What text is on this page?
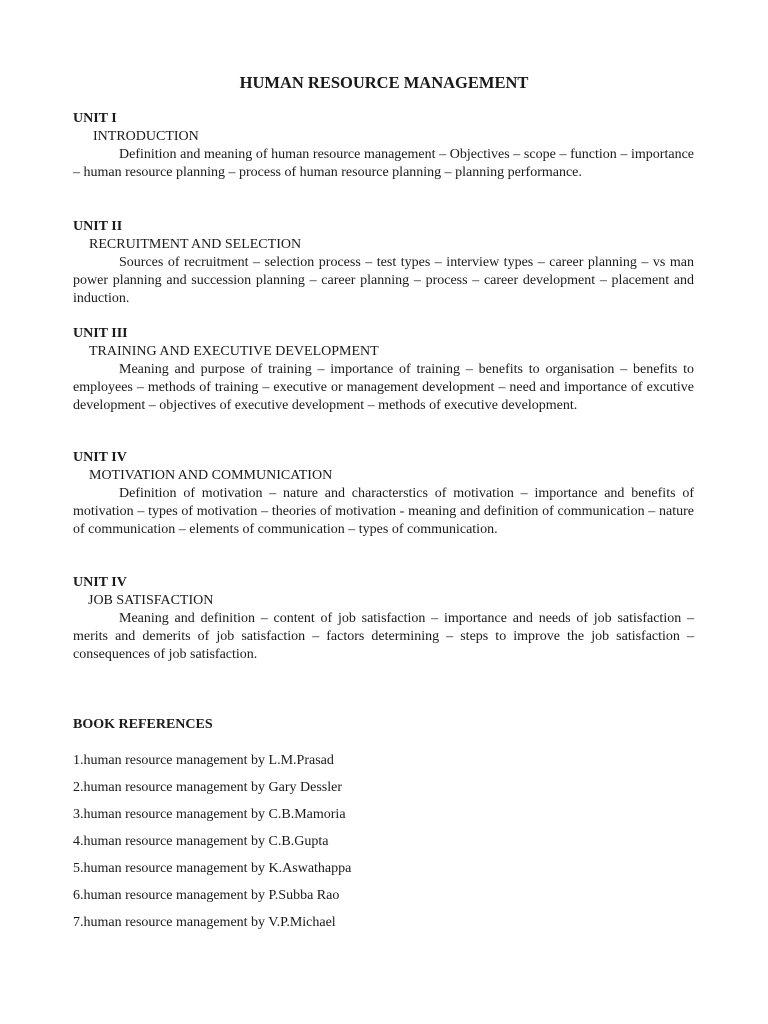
HUMAN RESOURCE MANAGEMENT
UNIT I
INTRODUCTION

Definition and meaning of human resource management – Objectives – scope – function – importance – human resource planning – process of human resource planning – planning performance.

UNIT II
RECRUITMENT AND SELECTION

Sources of recruitment – selection process – test types – interview types – career planning – vs man power planning and succession planning – career planning – process – career development – placement and induction.

UNIT III
TRAINING AND EXECUTIVE DEVELOPMENT

Meaning and purpose of training – importance of training – benefits to organisation – benefits to employees – methods of training – executive or management development – need and importance of excutive development – objectives of executive development – methods of executive development.

UNIT IV
MOTIVATION AND COMMUNICATION

Definition of motivation – nature and characterstics of motivation – importance and benefits of motivation – types of motivation – theories of motivation - meaning and definition of communication – nature of communication – elements of communication – types of communication.

UNIT IV
JOB SATISFACTION

Meaning and definition – content of job satisfaction – importance and needs of job satisfaction – merits and demerits of job satisfaction – factors determining – steps to improve the job satisfaction – consequences of job satisfaction.

BOOK REFERENCES
1.human resource management by L.M.Prasad
2.human resource management by Gary Dessler
3.human resource management by C.B.Mamoria
4.human resource management by C.B.Gupta
5.human resource management by K.Aswathappa
6.human resource management by P.Subba Rao
7.human resource management by V.P.Michael
